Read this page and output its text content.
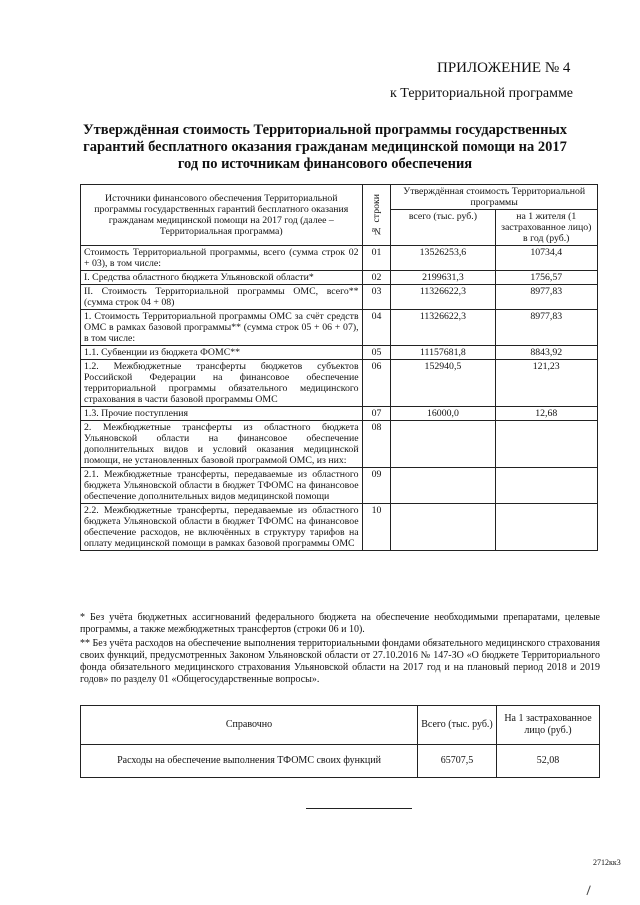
ПРИЛОЖЕНИЕ № 4
к Территориальной программе
Утверждённая стоимость Территориальной программы государственных гарантий бесплатного оказания гражданам медицинской помощи на 2017 год по источникам финансового обеспечения
Источники финансового обеспечения Территориальной программы государственных гарантий бесплатного оказания гражданам медицинской помощи на 2017 год (далее – Территориальная программа)	№ строки	Утверждённая стоимость Территориальной программы	
		всего (тыс. руб.)	на 1 жителя (1 застрахованное лицо) в год (руб.)
Стоимость Территориальной программы, всего (сумма строк 02 + 03), в том числе:	01	13526253,6	10734,4
I. Средства областного бюджета Ульяновской области*	02	2199631,3	1756,57
II. Стоимость Территориальной программы ОМС, всего** (сумма строк 04 + 08)	03	11326622,3	8977,83
1. Стоимость Территориальной программы ОМС за счёт средств ОМС в рамках базовой программы** (сумма строк 05 + 06 + 07), в том числе:	04	11326622,3	8977,83
1.1. Субвенции из бюджета ФОМС**	05	11157681,8	8843,92
1.2. Межбюджетные трансферты бюджетов субъектов Российской Федерации на финансовое обеспечение территориальной программы обязательного медицинского страхования в части базовой программы ОМС	06	152940,5	121,23
1.3. Прочие поступления	07	16000,0	12,68
2. Межбюджетные трансферты из областного бюджета Ульяновской области на финансовое обеспечение дополнительных видов и условий оказания медицинской помощи, не установленных базовой программой ОМС, из них:	08		
2.1. Межбюджетные трансферты, передаваемые из областного бюджета Ульяновской области в бюджет ТФОМС на финансовое обеспечение дополнительных видов медицинской помощи	09		
2.2. Межбюджетные трансферты, передаваемые из областного бюджета Ульяновской области в бюджет ТФОМС на финансовое обеспечение расходов, не включённых в структуру тарифов на оплату медицинской помощи в рамках базовой программы ОМС	10		

* Без учёта бюджетных ассигнований федерального бюджета на обеспечение необходимыми препаратами, целевые программы, а также межбюджетных трансфертов (строки 06 и 10).

** Без учёта расходов на обеспечение выполнения территориальными фондами обязательного медицинского страхования своих функций, предусмотренных Законом Ульяновской области от 27.10.2016 № 147-ЗО «О бюджете Территориального фонда обязательного медицинского страхования Ульяновской области на 2017 год и на плановый период 2018 и 2019 годов» по разделу 01 «Общегосударственные вопросы».

Справочно	Всего (тыс. руб.)	На 1 застрахованное лицо (руб.)
Расходы на обеспечение выполнения ТФОМС своих функций	65707,5	52,08
2712кк3
